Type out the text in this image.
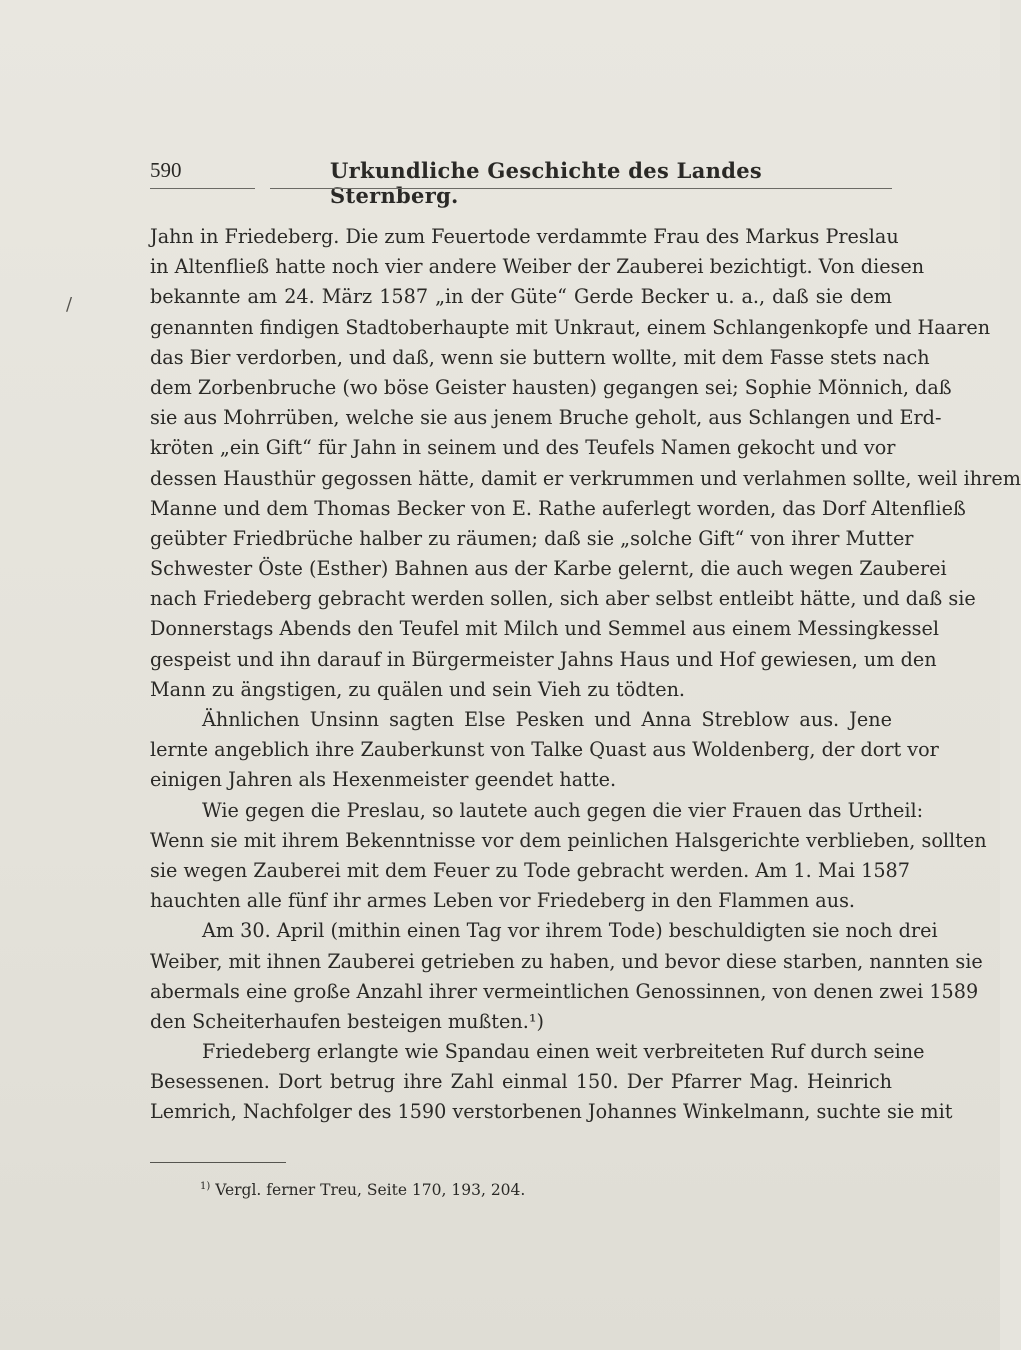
/
590	Urkundliche Geschichte des Landes Sternberg.
Jahn in Friedeberg. Die zum Feuertode verdammte Frau des Markus Preslau
in Altenfließ hatte noch vier andere Weiber der Zauberei bezichtigt. Von diesen
bekannte am 24. März 1587 „in der Güte“ Gerde Becker u. a., daß sie dem
genannten findigen Stadtoberhaupte mit Unkraut, einem Schlangenkopfe und Haaren
das Bier verdorben, und daß, wenn sie buttern wollte, mit dem Fasse stets nach
dem Zorbenbruche (wo böse Geister hausten) gegangen sei; Sophie Mönnich, daß
sie aus Mohrrüben, welche sie aus jenem Bruche geholt, aus Schlangen und Erd-
kröten „ein Gift“ für Jahn in seinem und des Teufels Namen gekocht und vor
dessen Hausthür gegossen hätte, damit er verkrummen und verlahmen sollte, weil ihrem
Manne und dem Thomas Becker von E. Rathe auferlegt worden, das Dorf Altenfließ
geübter Friedbrüche halber zu räumen; daß sie „solche Gift“ von ihrer Mutter
Schwester Öste (Esther) Bahnen aus der Karbe gelernt, die auch wegen Zauberei
nach Friedeberg gebracht werden sollen, sich aber selbst entleibt hätte, und daß sie
Donnerstags Abends den Teufel mit Milch und Semmel aus einem Messingkessel
gespeist und ihn darauf in Bürgermeister Jahns Haus und Hof gewiesen, um den
Mann zu ängstigen, zu quälen und sein Vieh zu tödten.
Ähnlichen Unsinn sagten Else Pesken und Anna Streblow aus. Jene
lernte angeblich ihre Zauberkunst von Talke Quast aus Woldenberg, der dort vor
einigen Jahren als Hexenmeister geendet hatte.
Wie gegen die Preslau, so lautete auch gegen die vier Frauen das Urtheil:
Wenn sie mit ihrem Bekenntnisse vor dem peinlichen Halsgerichte verblieben, sollten
sie wegen Zauberei mit dem Feuer zu Tode gebracht werden. Am 1. Mai 1587
hauchten alle fünf ihr armes Leben vor Friedeberg in den Flammen aus.
Am 30. April (mithin einen Tag vor ihrem Tode) beschuldigten sie noch drei
Weiber, mit ihnen Zauberei getrieben zu haben, und bevor diese starben, nannten sie
abermals eine große Anzahl ihrer vermeintlichen Genossinnen, von denen zwei 1589
den Scheiterhaufen besteigen mußten.¹)
Friedeberg erlangte wie Spandau einen weit verbreiteten Ruf durch seine
Besessenen. Dort betrug ihre Zahl einmal 150. Der Pfarrer Mag. Heinrich
Lemrich, Nachfolger des 1590 verstorbenen Johannes Winkelmann, suchte sie mit
$^{1)}$ Vergl. ferner Treu, Seite 170, 193, 204.
